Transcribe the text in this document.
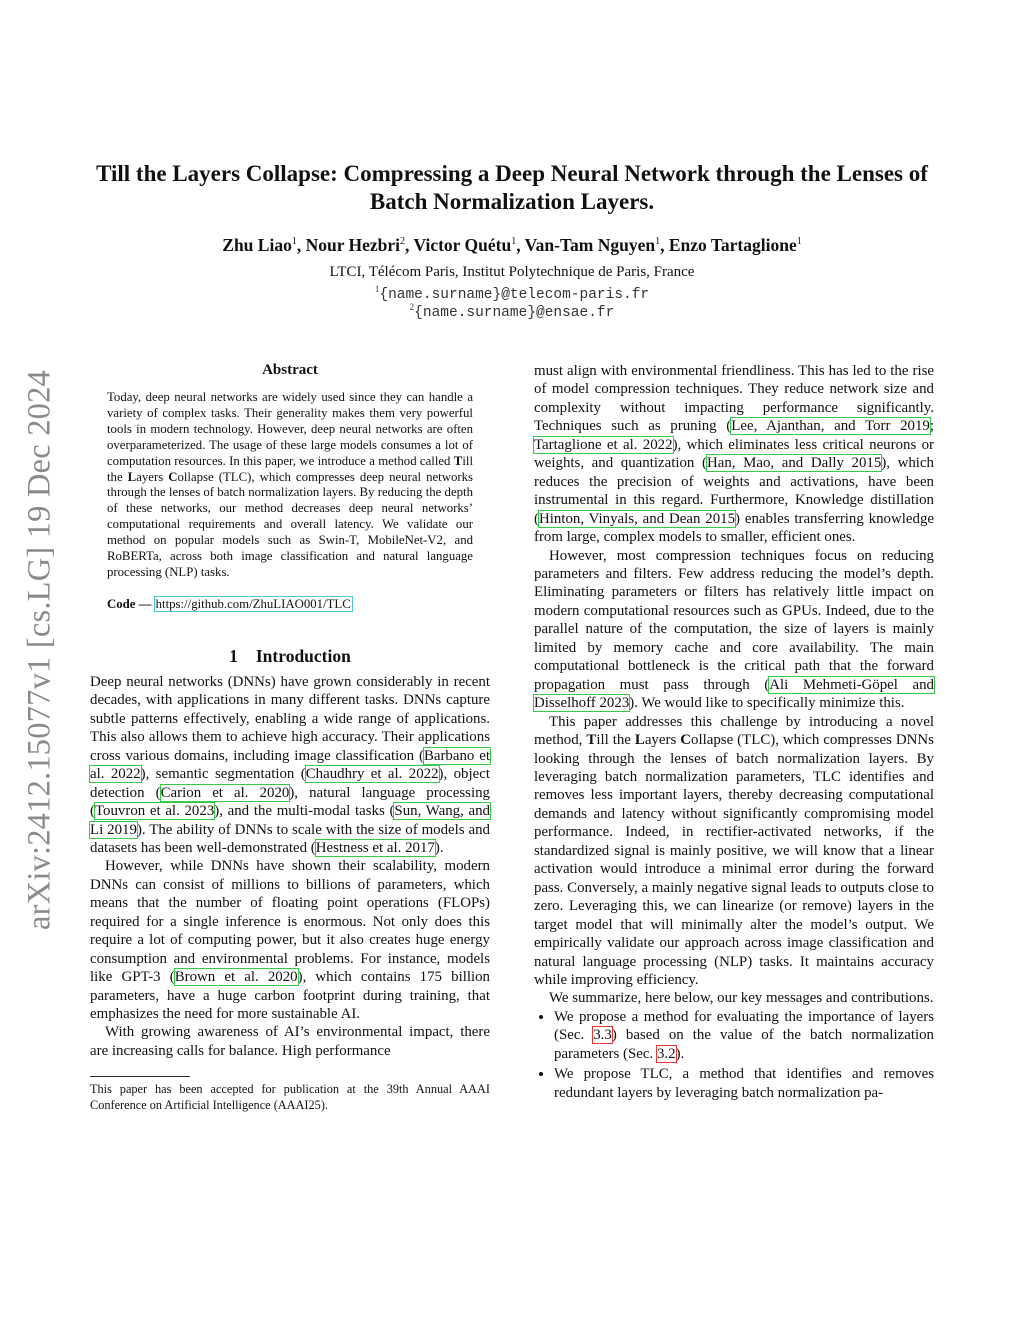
arXiv:2412.15077v1 [cs.LG] 19 Dec 2024
Till the Layers Collapse: Compressing a Deep Neural Network through the Lenses of Batch Normalization Layers.
Zhu Liao$^1$, Nour Hezbri$^2$, Victor Quétu$^1$, Van-Tam Nguyen$^1$, Enzo Tartaglione$^1$
LTCI, Télécom Paris, Institut Polytechnique de Paris, France
$^1${name.surname}@telecom-paris.fr
$^2${name.surname}@ensae.fr
Abstract

Today, deep neural networks are widely used since they can handle a variety of complex tasks. Their generality makes them very powerful tools in modern technology. However, deep neural networks are often overparameterized. The usage of these large models consumes a lot of computation resources. In this paper, we introduce a method called Till the Layers Collapse (TLC), which compresses deep neural networks through the lenses of batch normalization layers. By reducing the depth of these networks, our method decreases deep neural networks’ computational requirements and overall latency. We validate our method on popular models such as Swin-T, MobileNet-V2, and RoBERTa, across both image classification and natural language processing (NLP) tasks.

Code — https://github.com/ZhuLIAO001/TLC
1 Introduction

Deep neural networks (DNNs) have grown considerably in recent decades, with applications in many different tasks. DNNs capture subtle patterns effectively, enabling a wide range of applications. This also allows them to achieve high accuracy. Their applications cross various domains, including image classification (Barbano et al. 2022), semantic segmentation (Chaudhry et al. 2022), object detection (Carion et al. 2020), natural language processing (Touvron et al. 2023), and the multi-modal tasks (Sun, Wang, and Li 2019). The ability of DNNs to scale with the size of models and datasets has been well-demonstrated (Hestness et al. 2017).

However, while DNNs have shown their scalability, modern DNNs can consist of millions to billions of parameters, which means that the number of floating point operations (FLOPs) required for a single inference is enormous. Not only does this require a lot of computing power, but it also creates huge energy consumption and environmental problems. For instance, models like GPT-3 (Brown et al. 2020), which contains 175 billion parameters, have a huge carbon footprint during training, that emphasizes the need for more sustainable AI.

With growing awareness of AI’s environmental impact, there are increasing calls for balance. High performance

This paper has been accepted for publication at the 39th Annual AAAI Conference on Artificial Intelligence (AAAI25).

must align with environmental friendliness. This has led to the rise of model compression techniques. They reduce network size and complexity without impacting performance significantly. Techniques such as pruning (Lee, Ajanthan, and Torr 2019; Tartaglione et al. 2022), which eliminates less critical neurons or weights, and quantization (Han, Mao, and Dally 2015), which reduces the precision of weights and activations, have been instrumental in this regard. Furthermore, Knowledge distillation (Hinton, Vinyals, and Dean 2015) enables transferring knowledge from large, complex models to smaller, efficient ones.

However, most compression techniques focus on reducing parameters and filters. Few address reducing the model’s depth. Eliminating parameters or filters has relatively little impact on modern computational resources such as GPUs. Indeed, due to the parallel nature of the computation, the size of layers is mainly limited by memory cache and core availability. The main computational bottleneck is the critical path that the forward propagation must pass through (Ali Mehmeti-Göpel and Disselhoff 2023). We would like to specifically minimize this.

This paper addresses this challenge by introducing a novel method, Till the Layers Collapse (TLC), which compresses DNNs looking through the lenses of batch normalization layers. By leveraging batch normalization parameters, TLC identifies and removes less important layers, thereby decreasing computational demands and latency without significantly compromising model performance. Indeed, in rectifier-activated networks, if the standardized signal is mainly positive, we will know that a linear activation would introduce a minimal error during the forward pass. Conversely, a mainly negative signal leads to outputs close to zero. Leveraging this, we can linearize (or remove) layers in the target model that will minimally alter the model’s output. We empirically validate our approach across image classification and natural language processing (NLP) tasks. It maintains accuracy while improving efficiency.

We summarize, here below, our key messages and contributions.

• We propose a method for evaluating the importance of layers (Sec. 3.3) based on the value of the batch normalization parameters (Sec. 3.2).
• We propose TLC, a method that identifies and removes redundant layers by leveraging batch normalization pa-
